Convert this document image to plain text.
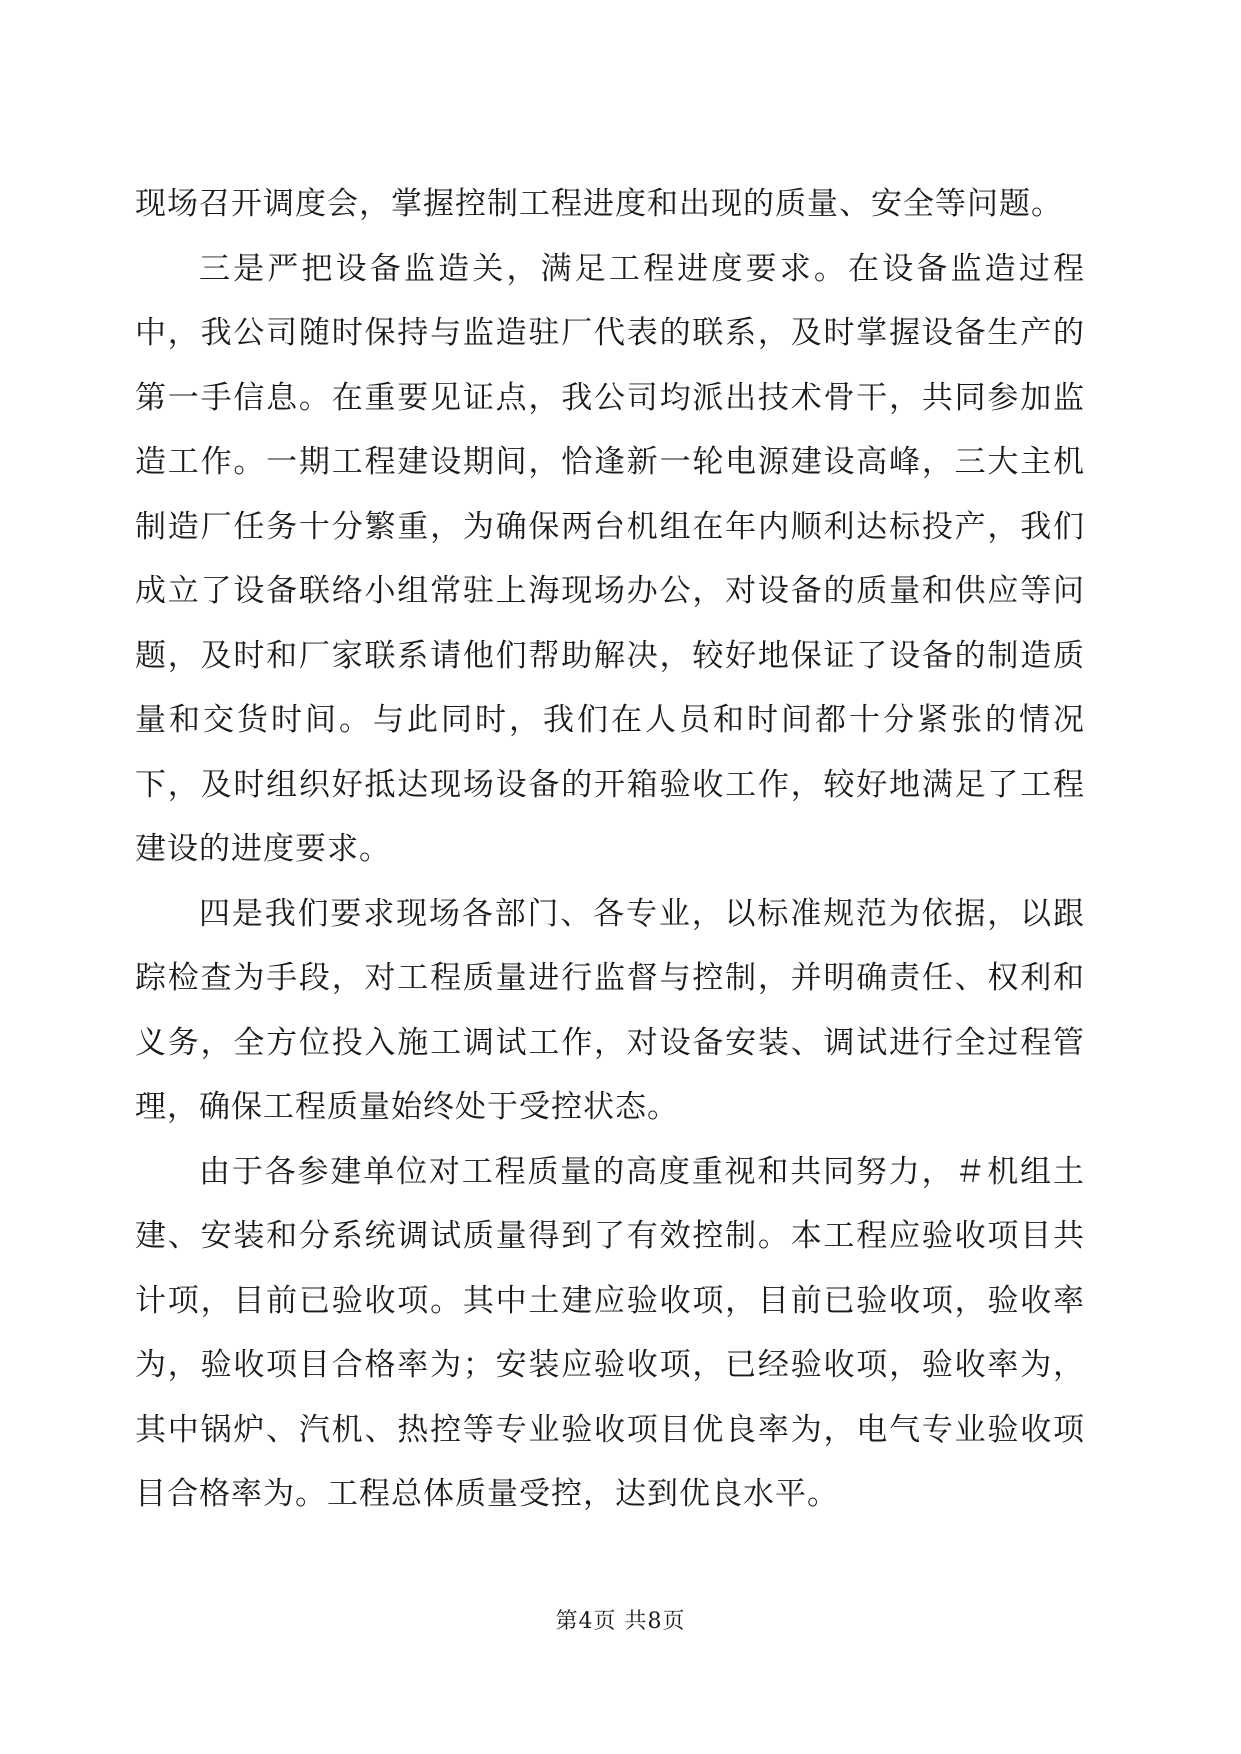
现场召开调度会，掌握控制工程进度和出现的质量、安全等问题。

三是严把设备监造关，满足工程进度要求。在设备监造过程中，我公司随时保持与监造驻厂代表的联系，及时掌握设备生产的第一手信息。在重要见证点，我公司均派出技术骨干，共同参加监造工作。一期工程建设期间，恰逢新一轮电源建设高峰，三大主机制造厂任务十分繁重，为确保两台机组在年内顺利达标投产，我们成立了设备联络小组常驻上海现场办公，对设备的质量和供应等问题，及时和厂家联系请他们帮助解决，较好地保证了设备的制造质量和交货时间。与此同时，我们在人员和时间都十分紧张的情况下，及时组织好抵达现场设备的开箱验收工作，较好地满足了工程建设的进度要求。

四是我们要求现场各部门、各专业，以标准规范为依据，以跟踪检查为手段，对工程质量进行监督与控制，并明确责任、权利和义务，全方位投入施工调试工作，对设备安装、调试进行全过程管理，确保工程质量始终处于受控状态。

由于各参建单位对工程质量的高度重视和共同努力，＃机组土建、安装和分系统调试质量得到了有效控制。本工程应验收项目共计项，目前已验收项。其中土建应验收项，目前已验收项，验收率为，验收项目合格率为；安装应验收项，已经验收项，验收率为，其中锅炉、汽机、热控等专业验收项目优良率为，电气专业验收项目合格率为。工程总体质量受控，达到优良水平。

第4页 共8页
